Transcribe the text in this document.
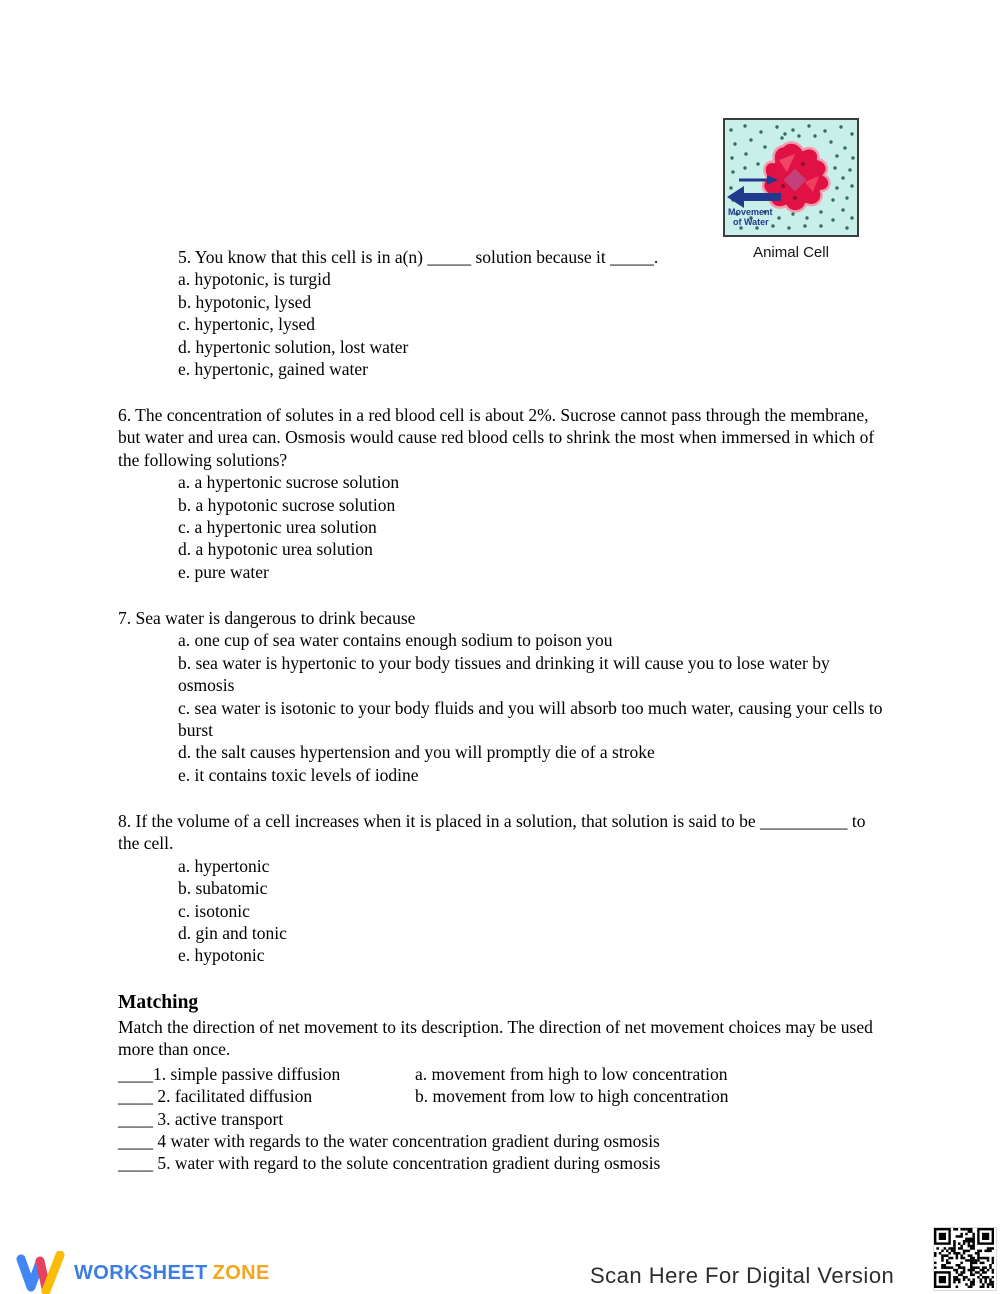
Movement
of Water
Animal Cell

5. You know that this cell is in a(n) _____ solution because it _____.

a. hypotonic, is turgid
b. hypotonic, lysed
c. hypertonic, lysed
d. hypertonic solution, lost water
e. hypertonic, gained water

6. The concentration of solutes in a red blood cell is about 2%. Sucrose cannot pass through the membrane, but water and urea can. Osmosis would cause red blood cells to shrink the most when immersed in which of the following solutions?

a. a hypertonic sucrose solution
b. a hypotonic sucrose solution
c. a hypertonic urea solution
d. a hypotonic urea solution
e. pure water

7. Sea water is dangerous to drink because

a. one cup of sea water contains enough sodium to poison you
b. sea water is hypertonic to your body tissues and drinking it will cause you to lose water by osmosis
c. sea water is isotonic to your body fluids and you will absorb too much water, causing your cells to burst
d. the salt causes hypertension and you will promptly die of a stroke
e. it contains toxic levels of iodine

8. If the volume of a cell increases when it is placed in a solution, that solution is said to be __________ to the cell.

a. hypertonic
b. subatomic
c. isotonic
d. gin and tonic
e. hypotonic
Matching

Match the direction of net movement to its description. The direction of net movement choices may be used more than once.

____1. simple passive diffusion	a. movement from high to low concentration
____ 2. facilitated diffusion	b. movement from low to high concentration
____ 3. active transport
____ 4 water with regards to the water concentration gradient during osmosis
____ 5. water with regard to the solute concentration gradient during osmosis
WORKSHEET ZONE	Scan Here For Digital Version
